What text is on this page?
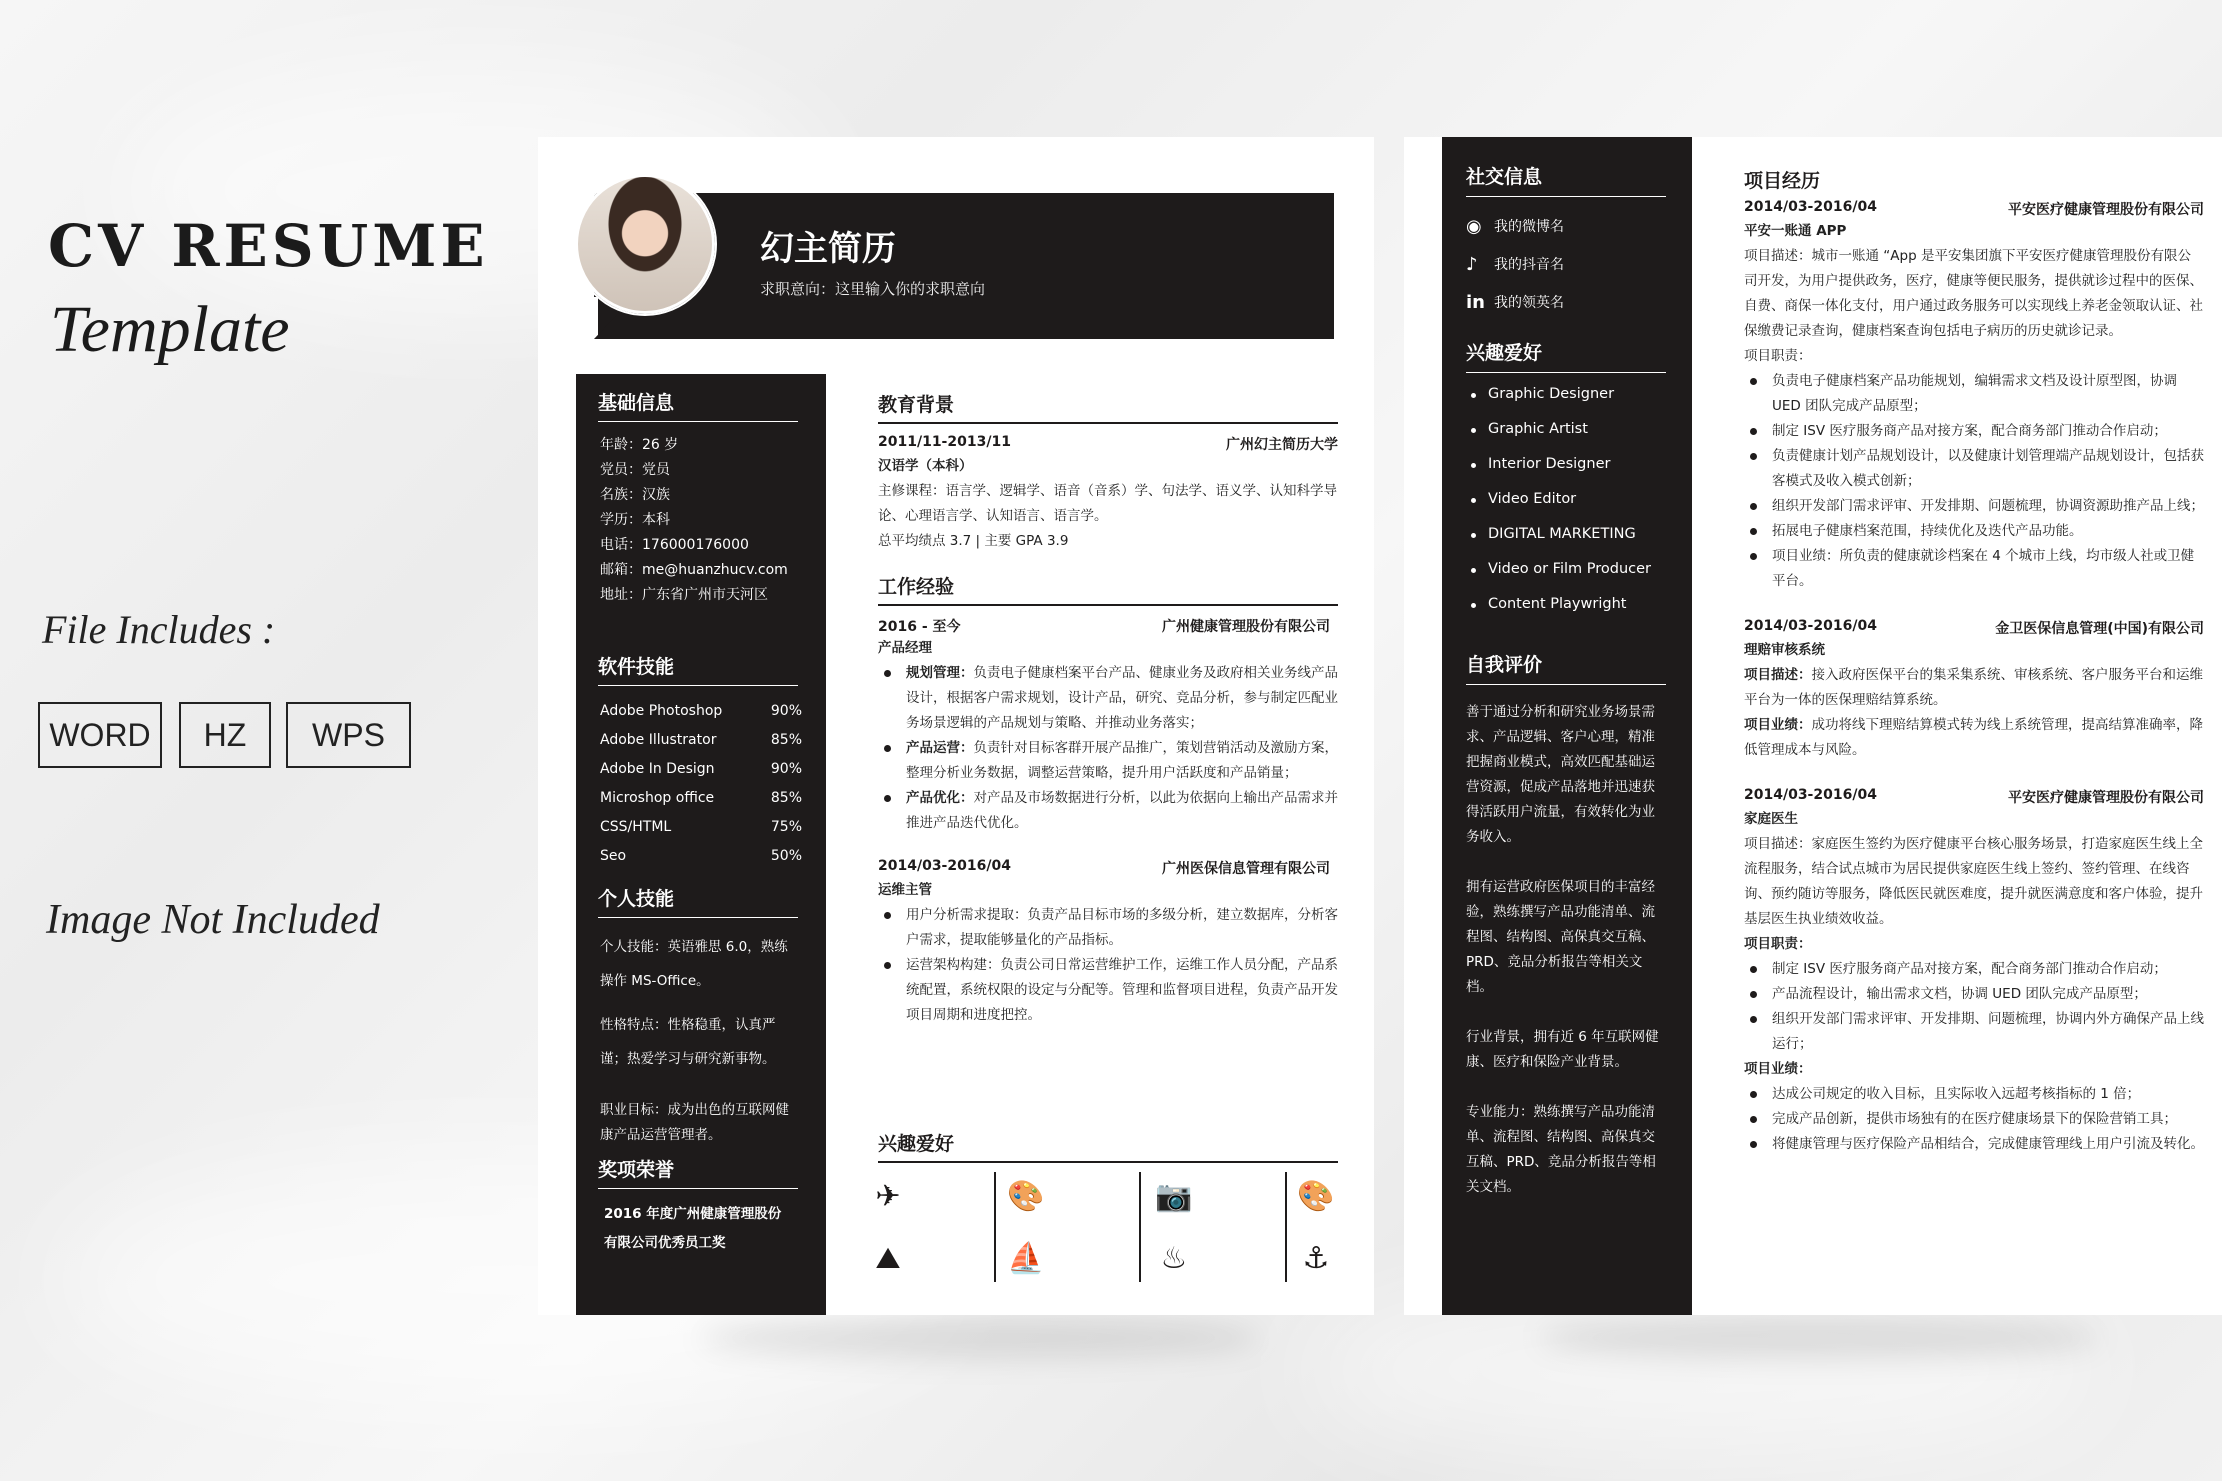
CV RESUME
Template
File Includes :
WORD	HZ	WPS
Image Not Included
幻主简历
求职意向：这里输入你的求职意向
基础信息
年龄：26 岁
党员：党员
名族：汉族
学历：本科
电话：176000176000
邮箱：me@huanzhucv.com
地址：广东省广州市天河区
软件技能
Adobe Photoshop	90%
Adobe Illustrator	85%
Adobe In Design	90%
Microshop office	85%
CSS/HTML	75%
Seo	50%
个人技能
个人技能：英语雅思 6.0，熟练操作 MS-Office。
性格特点：性格稳重，认真严谨；热爱学习与研究新事物。
职业目标：成为出色的互联网健康产品运营管理者。
奖项荣誉
2016 年度广州健康管理股份有限公司优秀员工奖
教育背景
2011/11-2013/11	广州幻主简历大学
汉语学（本科）
主修课程：语言学、逻辑学、语音（音系）学、句法学、语义学、认知科学导论、心理语言学、认知语言、语言学。
总平均绩点 3.7 | 主要 GPA 3.9
工作经验
2016 - 至今	广州健康管理股份有限公司
产品经理
规划管理：负责电子健康档案平台产品、健康业务及政府相关业务线产品设计，根据客户需求规划，设计产品，研究、竞品分析，参与制定匹配业务场景逻辑的产品规划与策略、并推动业务落实；
产品运营：负责针对目标客群开展产品推广，策划营销活动及激励方案，整理分析业务数据，调整运营策略，提升用户活跃度和产品销量；
产品优化：对产品及市场数据进行分析，以此为依据向上输出产品需求并推进产品迭代优化。
2014/03-2016/04	广州医保信息管理有限公司
运维主管
用户分析需求提取：负责产品目标市场的多级分析，建立数据库，分析客户需求，提取能够量化的产品指标。
运营架构构建：负责公司日常运营维护工作，运维工作人员分配，产品系统配置，系统权限的设定与分配等。管理和监督项目进程，负责产品开发项目周期和进度把控。
兴趣爱好
✈	🎨	📷	🎨
⛰	⛵	♨	⚓
社交信息
◉ 我的微博名
♪	我的抖音名
in 我的领英名
兴趣爱好
Graphic Designer
Graphic Artist
Interior Designer
Video Editor
DIGITAL MARKETING
Video or Film Producer
Content Playwright
自我评价
善于通过分析和研究业务场景需求、产品逻辑、客户心理，精准把握商业模式，高效匹配基础运营资源，促成产品落地并迅速获得活跃用户流量，有效转化为业务收入。
拥有运营政府医保项目的丰富经验，熟练撰写产品功能清单、流程图、结构图、高保真交互稿、PRD、竞品分析报告等相关文档。
行业背景，拥有近 6 年互联网健康、医疗和保险产业背景。
专业能力：熟练撰写产品功能清单、流程图、结构图、高保真交互稿、PRD、竞品分析报告等相关文档。
项目经历
2014/03-2016/04	平安医疗健康管理股份有限公司
平安一账通 APP
项目描述：城市一账通 “App 是平安集团旗下平安医疗健康管理股份有限公司开发，为用户提供政务，医疗，健康等便民服务，提供就诊过程中的医保、自费、商保一体化支付，用户通过政务服务可以实现线上养老金领取认证、社保缴费记录查询，健康档案查询包括电子病历的历史就诊记录。
项目职责：
负责电子健康档案产品功能规划，编辑需求文档及设计原型图，协调 UED 团队完成产品原型；
制定 ISV 医疗服务商产品对接方案，配合商务部门推动合作启动；
负责健康计划产品规划设计，以及健康计划管理端产品规划设计，包括获客模式及收入模式创新；
组织开发部门需求评审、开发排期、问题梳理，协调资源助推产品上线；
拓展电子健康档案范围，持续优化及迭代产品功能。
项目业绩：所负责的健康就诊档案在 4 个城市上线，均市级人社或卫健平台。
2014/03-2016/04	金卫医保信息管理(中国)有限公司
理赔审核系统
项目描述：接入政府医保平台的集采集系统、审核系统、客户服务平台和运维平台为一体的医保理赔结算系统。
项目业绩：成功将线下理赔结算模式转为线上系统管理，提高结算准确率，降低管理成本与风险。
2014/03-2016/04	平安医疗健康管理股份有限公司
家庭医生
项目描述：家庭医生签约为医疗健康平台核心服务场景，打造家庭医生线上全流程服务，结合试点城市为居民提供家庭医生线上签约、签约管理、在线咨询、预约随访等服务，降低医民就医难度，提升就医满意度和客户体验，提升基层医生执业绩效收益。
项目职责：
制定 ISV 医疗服务商产品对接方案，配合商务部门推动合作启动；
产品流程设计，输出需求文档，协调 UED 团队完成产品原型；
组织开发部门需求评审、开发排期、问题梳理，协调内外方确保产品上线运行；
项目业绩：
达成公司规定的收入目标，且实际收入远超考核指标的 1 倍；
完成产品创新，提供市场独有的在医疗健康场景下的保险营销工具；
将健康管理与医疗保险产品相结合，完成健康管理线上用户引流及转化。
